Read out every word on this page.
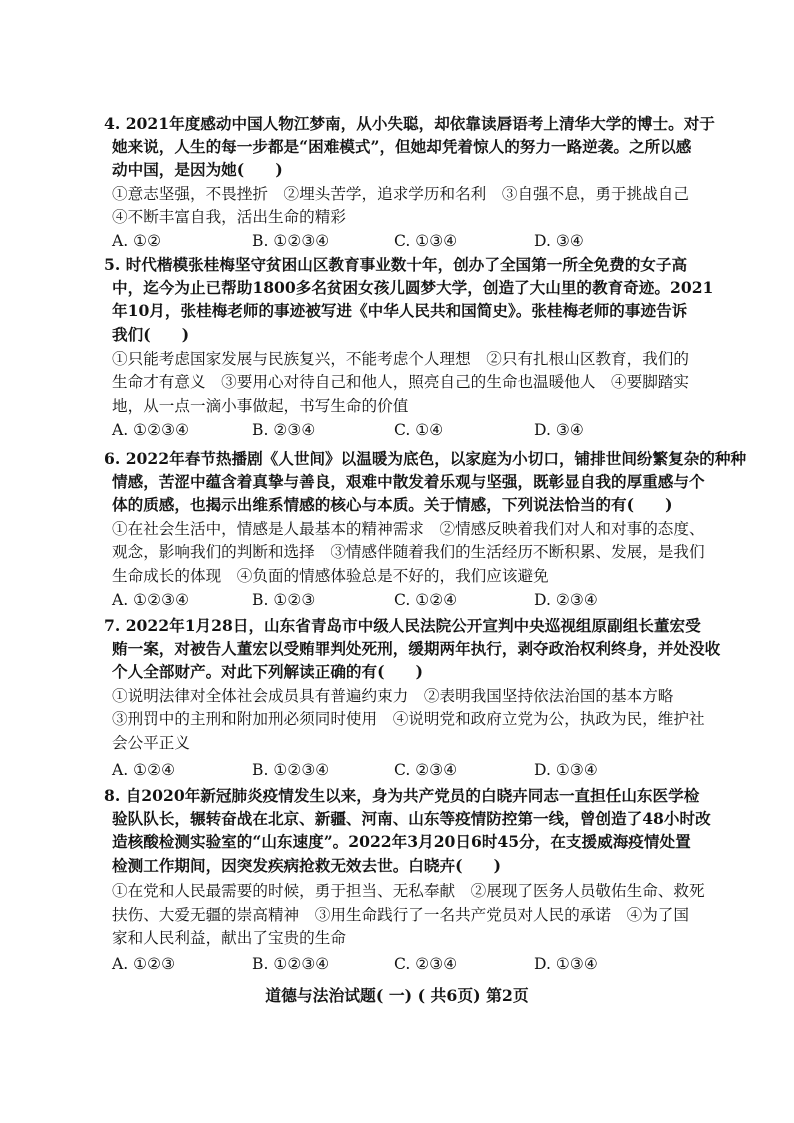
4. 2021年度感动中国人物江梦南，从小失聪，却依靠读唇语考上清华大学的博士。对于
她来说，人生的每一步都是“困难模式”，但她却凭着惊人的努力一路逆袭。之所以感
动中国，是因为她(　　)
①意志坚强，不畏挫折　②埋头苦学，追求学历和名利　③自强不息，勇于挑战自己
④不断丰富自我，活出生命的精彩
A. ①②	B. ①②③④	C. ①③④	D. ③④
5. 时代楷模张桂梅坚守贫困山区教育事业数十年，创办了全国第一所全免费的女子高
中，迄今为止已帮助1800多名贫困女孩儿圆梦大学，创造了大山里的教育奇迹。2021
年10月，张桂梅老师的事迹被写进《中华人民共和国简史》。张桂梅老师的事迹告诉
我们(　　)
①只能考虑国家发展与民族复兴，不能考虑个人理想　②只有扎根山区教育，我们的
生命才有意义　③要用心对待自己和他人，照亮自己的生命也温暖他人　④要脚踏实
地，从一点一滴小事做起，书写生命的价值
A. ①②③④	B. ②③④	C. ①④	D. ③④
6. 2022年春节热播剧《人世间》以温暖为底色，以家庭为小切口，铺排世间纷繁复杂的种种
情感，苦涩中蕴含着真挚与善良，艰难中散发着乐观与坚强，既彰显自我的厚重感与个
体的质感，也揭示出维系情感的核心与本质。关于情感，下列说法恰当的有(　　)
①在社会生活中，情感是人最基本的精神需求　②情感反映着我们对人和对事的态度、
观念，影响我们的判断和选择　③情感伴随着我们的生活经历不断积累、发展，是我们
生命成长的体现　④负面的情感体验总是不好的，我们应该避免
A. ①②③④	B. ①②③	C. ①②④	D. ②③④
7. 2022年1月28日，山东省青岛市中级人民法院公开宣判中央巡视组原副组长董宏受
贿一案，对被告人董宏以受贿罪判处死刑，缓期两年执行，剥夺政治权利终身，并处没收
个人全部财产。对此下列解读正确的有(　　)
①说明法律对全体社会成员具有普遍约束力　②表明我国坚持依法治国的基本方略
③刑罚中的主刑和附加刑必须同时使用　④说明党和政府立党为公，执政为民，维护社
会公平正义
A. ①②④	B. ①②③④	C. ②③④	D. ①③④
8. 自2020年新冠肺炎疫情发生以来，身为共产党员的白晓卉同志一直担任山东医学检
验队队长，辗转奋战在北京、新疆、河南、山东等疫情防控第一线，曾创造了48小时改
造核酸检测实验室的“山东速度”。2022年3月20日6时45分，在支援威海疫情处置
检测工作期间，因突发疾病抢救无效去世。白晓卉(　　)
①在党和人民最需要的时候，勇于担当、无私奉献　②展现了医务人员敬佑生命、救死
扶伤、大爱无疆的崇高精神　③用生命践行了一名共产党员对人民的承诺　④为了国
家和人民利益，献出了宝贵的生命
A. ①②③	B. ①②③④	C. ②③④	D. ①③④
道德与法治试题( 一) ( 共6页) 第2页
